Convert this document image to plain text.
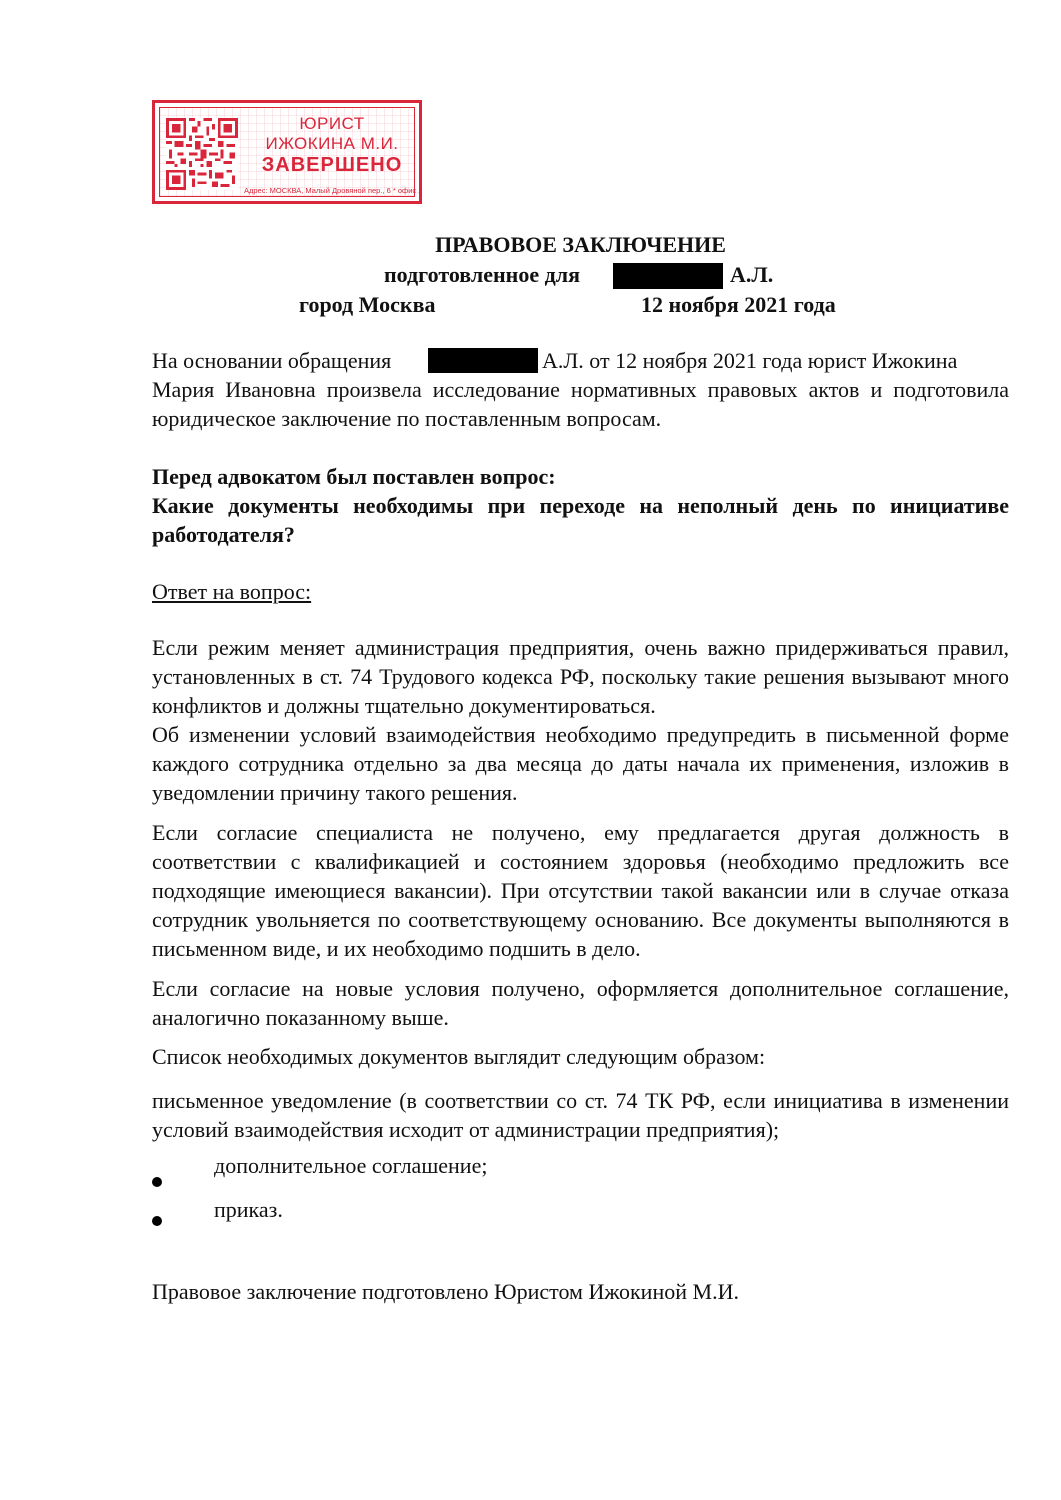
ЮРИСТ
ИЖОКИНА М.И.
ЗАВЕРШЕНО
Адрес: МОСКВА, Малый Дровяной пер., 6 * офис 2
ПРАВОВОЕ ЗАКЛЮЧЕНИЕ
подготовленное для	А.Л.
город Москва	12 ноября 2021 года
На основании обращения	А.Л. от 12 ноября 2021 года юрист Ижокина
Мария Ивановна произвела исследование нормативных правовых актов и подготовила юридическое заключение по поставленным вопросам.
Перед адвокатом был поставлен вопрос:
Какие документы необходимы при переходе на неполный день по инициативе работодателя?
Ответ на вопрос:
Если режим меняет администрация предприятия, очень важно придерживаться правил, установленных в ст. 74 Трудового кодекса РФ, поскольку такие решения вызывают много конфликтов и должны тщательно документироваться.
Об изменении условий взаимодействия необходимо предупредить в письменной форме каждого сотрудника отдельно за два месяца до даты начала их применения, изложив в уведомлении причину такого решения.
Если согласие специалиста не получено, ему предлагается другая должность в соответствии с квалификацией и состоянием здоровья (необходимо предложить все подходящие имеющиеся вакансии). При отсутствии такой вакансии или в случае отказа сотрудник увольняется по соответствующему основанию. Все документы выполняются в письменном виде, и их необходимо подшить в дело.
Если согласие на новые условия получено, оформляется дополнительное соглашение, аналогично показанному выше.
Список необходимых документов выглядит следующим образом:
письменное уведомление (в соответствии со ст. 74 ТК РФ, если инициатива в изменении условий взаимодействия исходит от администрации предприятия);
дополнительное соглашение;
приказ.
Правовое заключение подготовлено Юристом Ижокиной М.И.
